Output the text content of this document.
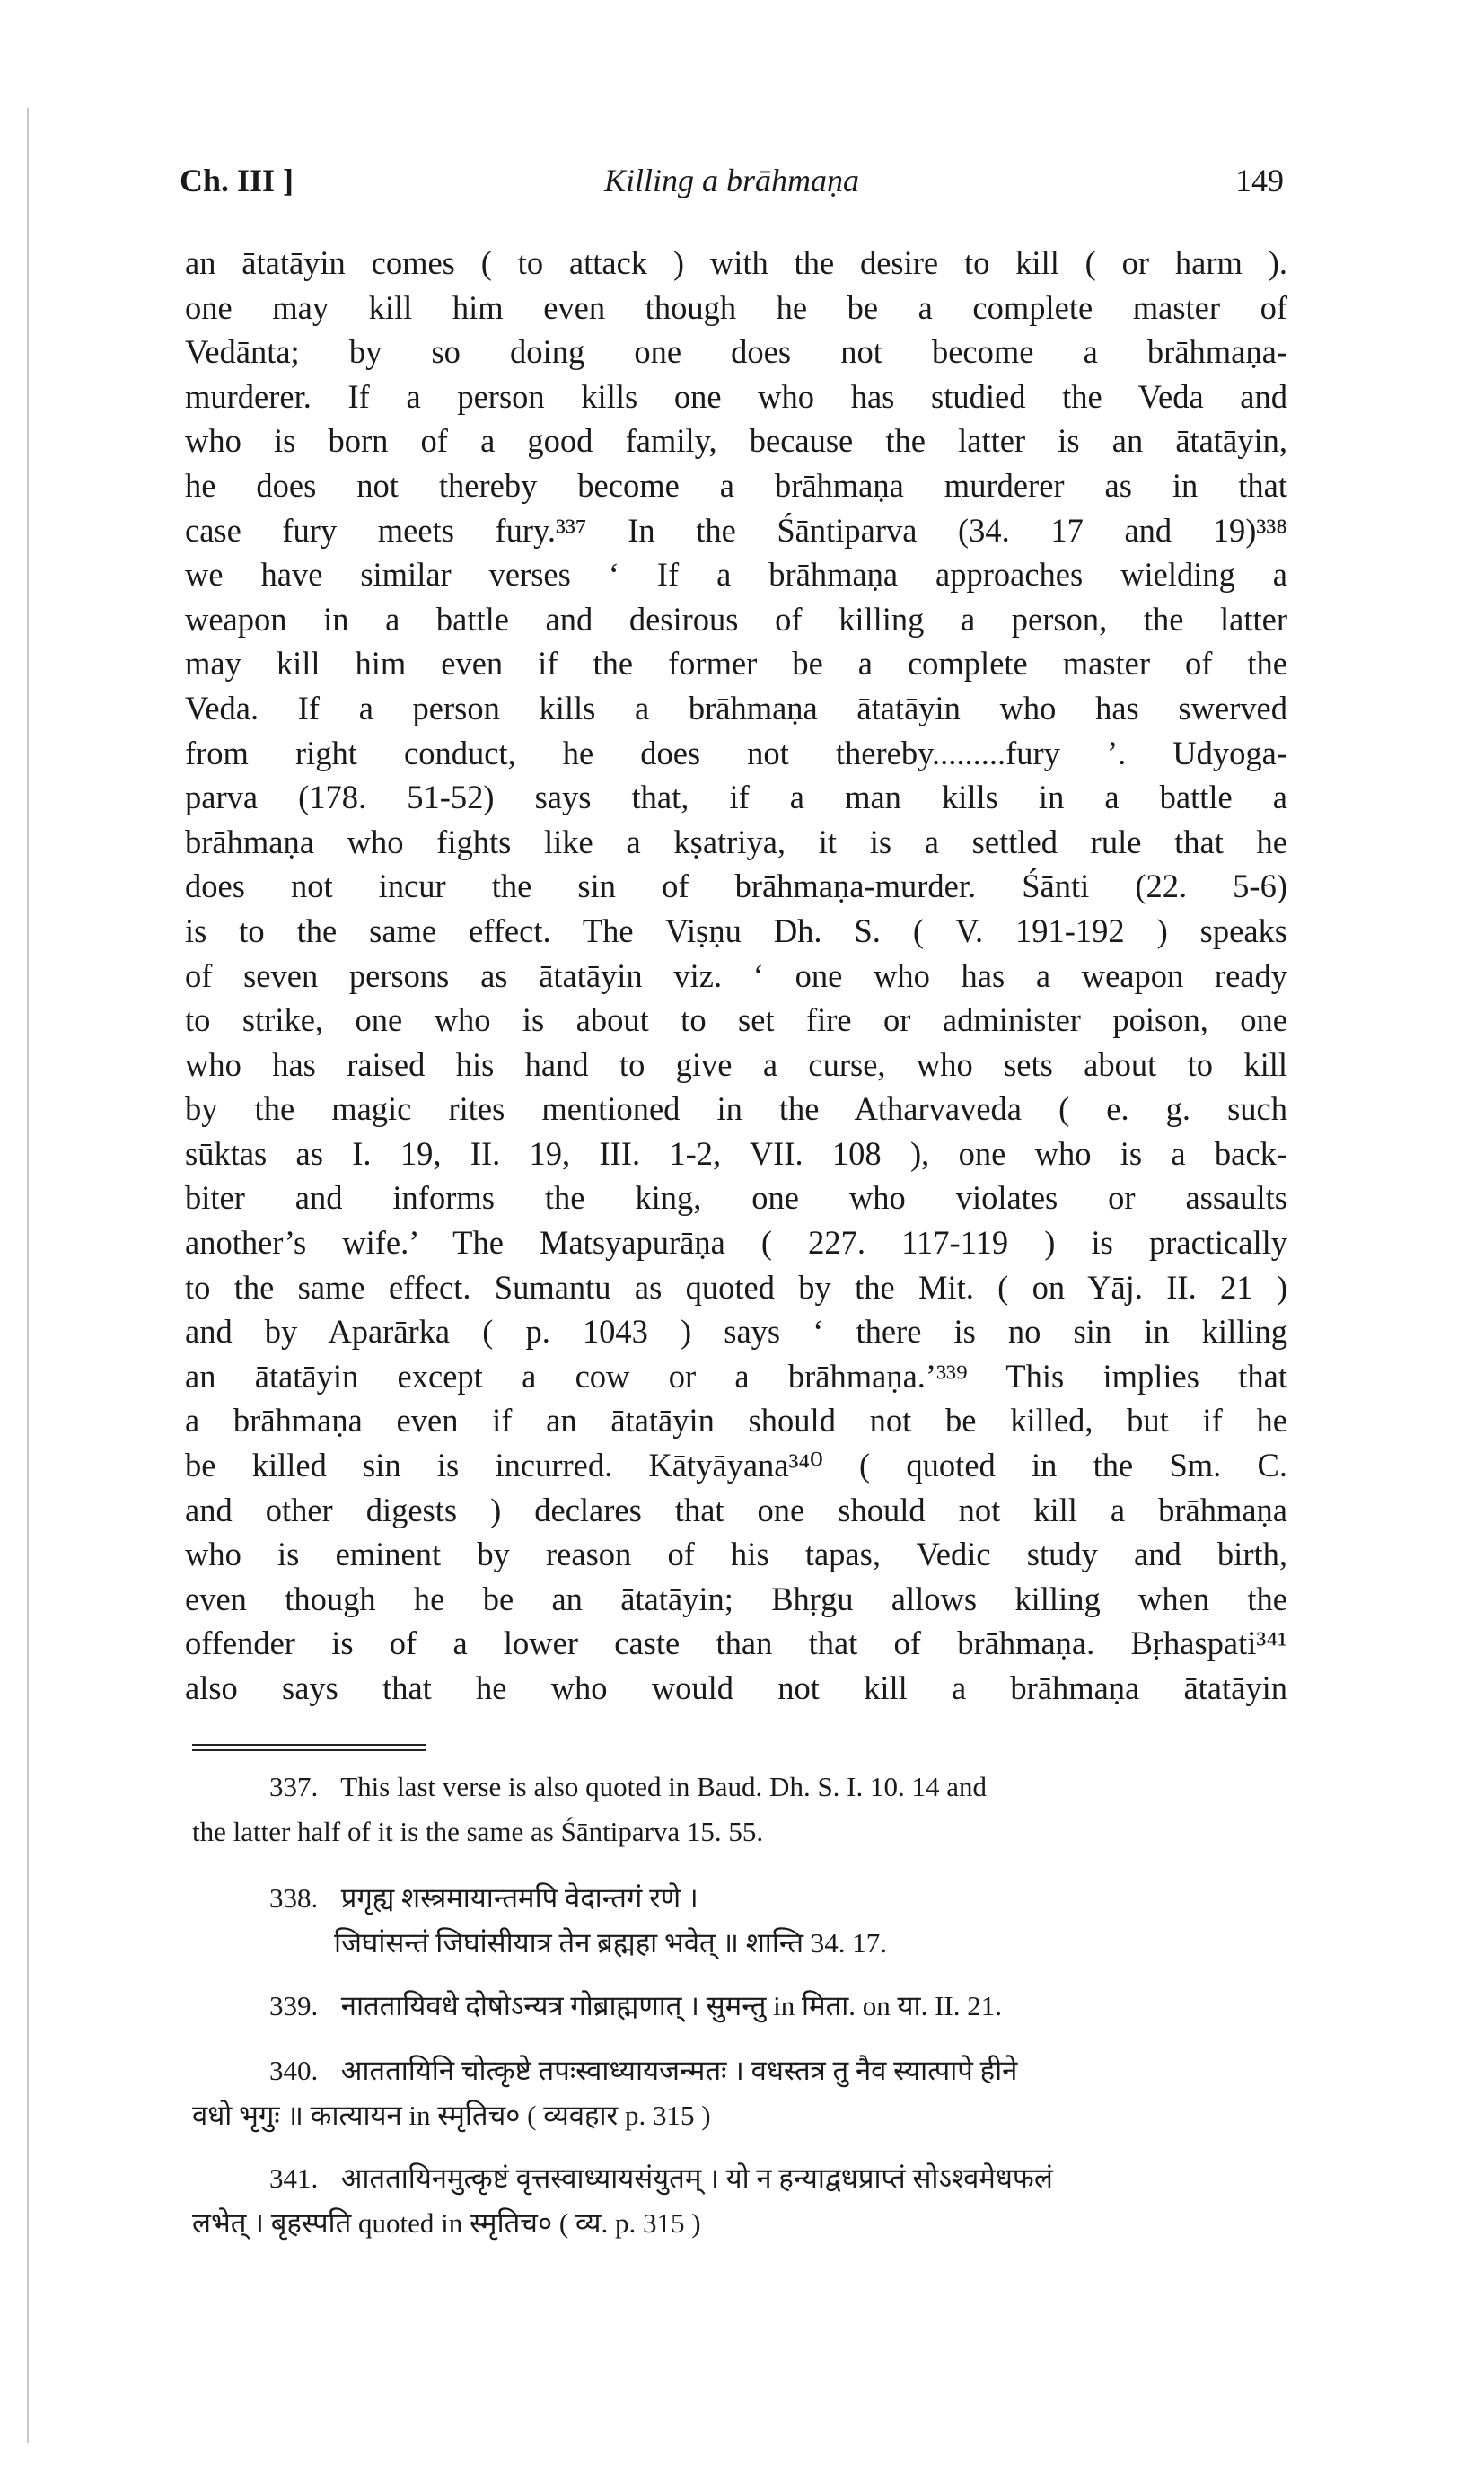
Ch. III ]	Killing a brāhmaṇa	149
an ātatāyin comes ( to attack ) with the desire to kill ( or harm ).
one may kill him even though he be a complete master of
Vedānta; by so doing one does not become a brāhmaṇa-
murderer. If a person kills one who has studied the Veda and
who is born of a good family, because the latter is an ātatāyin,
he does not thereby become a brāhmaṇa murderer as in that
case fury meets fury.³³⁷ In the Śāntiparva (34. 17 and 19)³³⁸
we have similar verses ‘ If a brāhmaṇa approaches wielding a
weapon in a battle and desirous of killing a person, the latter
may kill him even if the former be a complete master of the
Veda. If a person kills a brāhmaṇa ātatāyin who has swerved
from right conduct, he does not thereby.........fury ’. Udyoga-
parva (178. 51-52) says that, if a man kills in a battle a
brāhmaṇa who fights like a kṣatriya, it is a settled rule that he
does not incur the sin of brāhmaṇa-murder. Śānti (22. 5-6)
is to the same effect. The Viṣṇu Dh. S. ( V. 191-192 ) speaks
of seven persons as ātatāyin viz. ‘ one who has a weapon ready
to strike, one who is about to set fire or administer poison, one
who has raised his hand to give a curse, who sets about to kill
by the magic rites mentioned in the Atharvaveda ( e. g. such
sūktas as I. 19, II. 19, III. 1-2, VII. 108 ), one who is a back-
biter and informs the king, one who violates or assaults
another’s wife.’ The Matsyapurāṇa ( 227. 117-119 ) is practically
to the same effect. Sumantu as quoted by the Mit. ( on Yāj. II. 21 )
and by Aparārka ( p. 1043 ) says ‘ there is no sin in killing
an ātatāyin except a cow or a brāhmaṇa.’³³⁹ This implies that
a brāhmaṇa even if an ātatāyin should not be killed, but if he
be killed sin is incurred. Kātyāyana³⁴⁰ ( quoted in the Sm. C.
and other digests ) declares that one should not kill a brāhmaṇa
who is eminent by reason of his tapas, Vedic study and birth,
even though he be an ātatāyin; Bhṛgu allows killing when the
offender is of a lower caste than that of brāhmaṇa. Bṛhaspati³⁴¹
also says that he who would not kill a brāhmaṇa ātatāyin
337. This last verse is also quoted in Baud. Dh. S. I. 10. 14 and
the latter half of it is the same as Śāntiparva 15. 55.
338. प्रगृह्य शस्त्रमायान्तमपि वेदान्तगं रणे ।
जिघांसन्तं जिघांसीयात्र तेन ब्रह्महा भवेत् ॥ शान्ति 34. 17.
339. नाततायिवधे दोषोऽन्यत्र गोब्राह्मणात् । सुमन्तु in मिता. on या. II. 21.
340. आततायिनि चोत्कृष्टे तपःस्वाध्यायजन्मतः । वधस्तत्र तु नैव स्यात्पापे हीने
वधो भृगुः ॥ कात्यायन in स्मृतिच० ( व्यवहार p. 315 )
341. आततायिनमुत्कृष्टं वृत्तस्वाध्यायसंयुतम् । यो न हन्याद्वधप्राप्तं सोऽश्वमेधफलं
लभेत् । बृहस्पति quoted in स्मृतिच० ( व्य. p. 315 )
